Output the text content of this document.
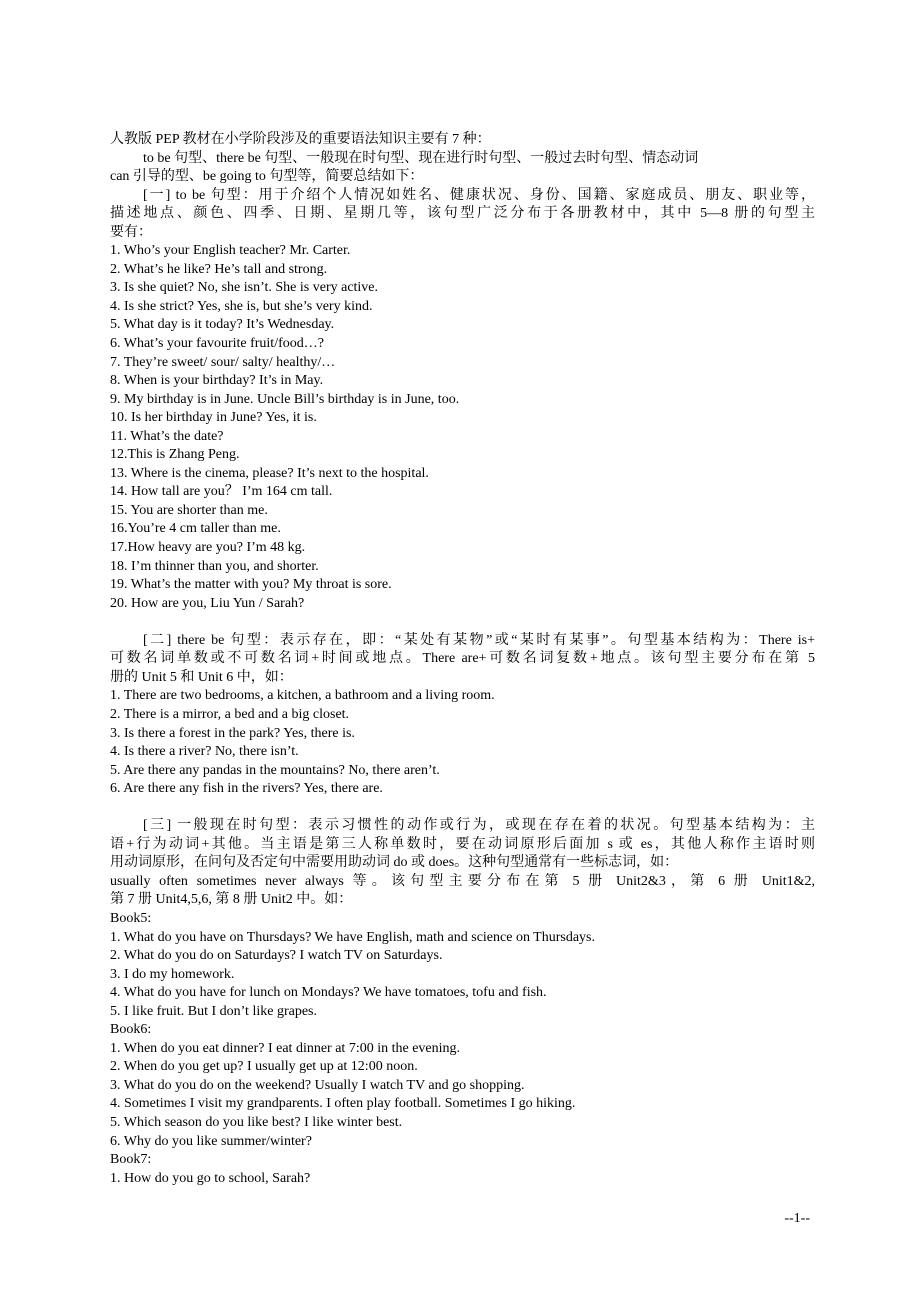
人教版 PEP 教材在小学阶段涉及的重要语法知识主要有 7 种：
to be 句型、there be 句型、一般现在时句型、现在进行时句型、一般过去时句型、情态动词
can 引导的型、be going to 句型等，简要总结如下：
[一] to be 句型：用于介绍个人情况如姓名、健康状况、身份、国籍、家庭成员、朋友、职业等，
描述地点、颜色、四季、日期、星期几等，该句型广泛分布于各册教材中，其中 5—8 册的句型主
要有：
1. Who’s your English teacher? Mr. Carter.
2. What’s he like? He’s tall and strong.
3. Is she quiet? No, she isn’t. She is very active.
4. Is she strict? Yes, she is, but she’s very kind.
5. What day is it today? It’s Wednesday.
6. What’s your favourite fruit/food…?
7. They’re sweet/ sour/ salty/ healthy/…
8. When is your birthday? It’s in May.
9. My birthday is in June. Uncle Bill’s birthday is in June, too.
10. Is her birthday in June? Yes, it is.
11. What’s the date?
12.This is Zhang Peng.
13. Where is the cinema, please? It’s next to the hospital.
14. How tall are you？ I’m 164 cm tall.
15. You are shorter than me.
16.You’re 4 cm taller than me.
17.How heavy are you? I’m 48 kg.
18. I’m thinner than you, and shorter.
19. What’s the matter with you? My throat is sore.
20. How are you, Liu Yun / Sarah?
[二] there be 句型：表示存在，即：“某处有某物”或“某时有某事”。句型基本结构为：There is+
可数名词单数或不可数名词+时间或地点。There are+可数名词复数+地点。该句型主要分布在第 5
册的 Unit 5 和 Unit 6 中，如：
1. There are two bedrooms, a kitchen, a bathroom and a living room.
2. There is a mirror, a bed and a big closet.
3. Is there a forest in the park? Yes, there is.
4. Is there a river? No, there isn’t.
5. Are there any pandas in the mountains? No, there aren’t.
6. Are there any fish in the rivers? Yes, there are.
[三] 一般现在时句型：表示习惯性的动作或行为，或现在存在着的状况。句型基本结构为：主
语+行为动词+其他。当主语是第三人称单数时，要在动词原形后面加 s 或 es，其他人称作主语时则
用动词原形，在问句及否定句中需要用助动词 do 或 does。这种句型通常有一些标志词，如：
usually often sometimes never always 等。该句型主要分布在第 5 册 Unit2&3，第 6 册 Unit1&2,
第 7 册 Unit4,5,6, 第 8 册 Unit2 中。如：
Book5:
1. What do you have on Thursdays? We have English, math and science on Thursdays.
2. What do you do on Saturdays? I watch TV on Saturdays.
3. I do my homework.
4. What do you have for lunch on Mondays? We have tomatoes, tofu and fish.
5. I like fruit. But I don’t like grapes.
Book6:
1. When do you eat dinner? I eat dinner at 7:00 in the evening.
2. When do you get up? I usually get up at 12:00 noon.
3. What do you do on the weekend? Usually I watch TV and go shopping.
4. Sometimes I visit my grandparents. I often play football. Sometimes I go hiking.
5. Which season do you like best? I like winter best.
6. Why do you like summer/winter?
Book7:
1. How do you go to school, Sarah?
--1--
